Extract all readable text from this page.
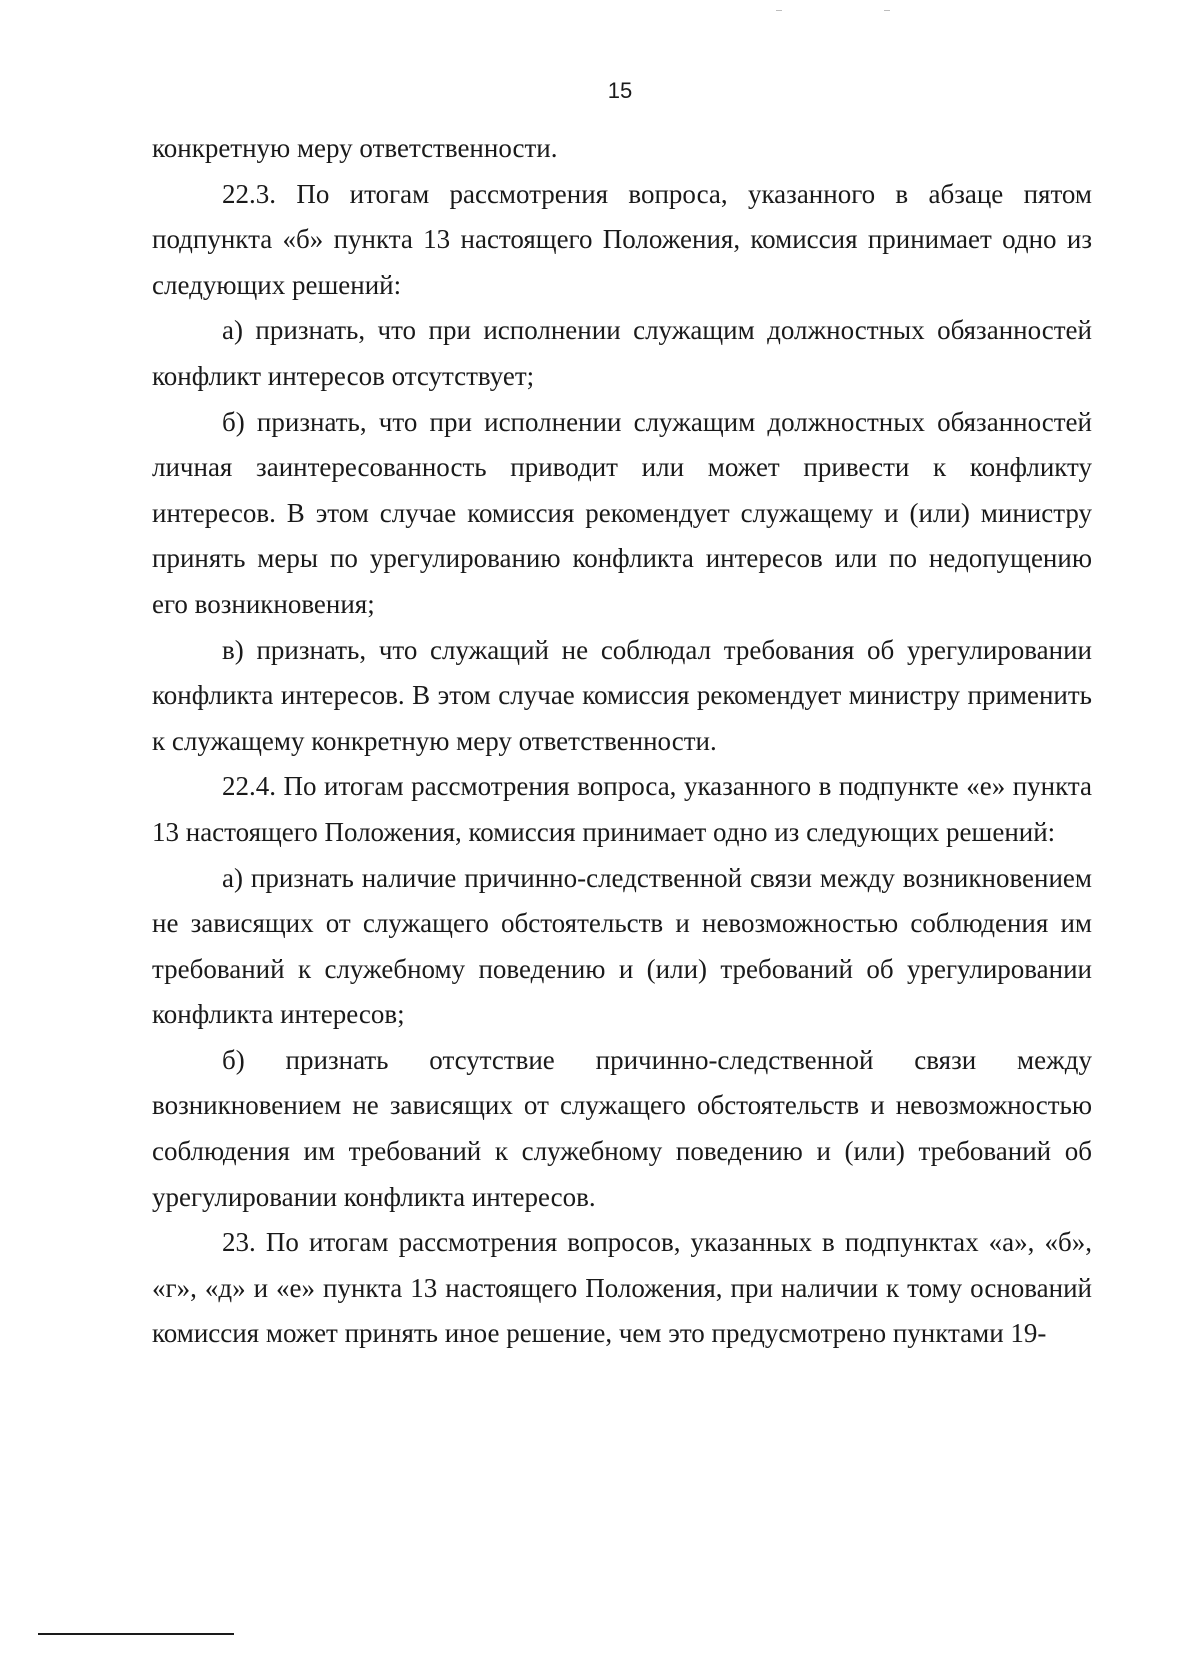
15

конкретную меру ответственности.

22.3. По итогам рассмотрения вопроса, указанного в абзаце пятом подпункта «б» пункта 13 настоящего Положения, комиссия принимает одно из следующих решений:

а) признать, что при исполнении служащим должностных обязанностей конфликт интересов отсутствует;

б) признать, что при исполнении служащим должностных обязанностей личная заинтересованность приводит или может привести к конфликту интересов. В этом случае комиссия рекомендует служащему и (или) министру принять меры по урегулированию конфликта интересов или по недопущению его возникновения;

в) признать, что служащий не соблюдал требования об урегулировании конфликта интересов. В этом случае комиссия рекомендует министру применить к служащему конкретную меру ответственности.

22.4. По итогам рассмотрения вопроса, указанного в подпункте «е» пункта 13 настоящего Положения, комиссия принимает одно из следующих решений:

а) признать наличие причинно-следственной связи между возникновением не зависящих от служащего обстоятельств и невозможностью соблюдения им требований к служебному поведению и (или) требований об урегулировании конфликта интересов;

б) признать отсутствие причинно-следственной связи между возникновением не зависящих от служащего обстоятельств и невозможностью соблюдения им требований к служебному поведению и (или) требований об урегулировании конфликта интересов.

23. По итогам рассмотрения вопросов, указанных в подпунктах «а», «б», «г», «д» и «е» пункта 13 настоящего Положения, при наличии к тому оснований комиссия может принять иное решение, чем это предусмотрено пунктами 19-
